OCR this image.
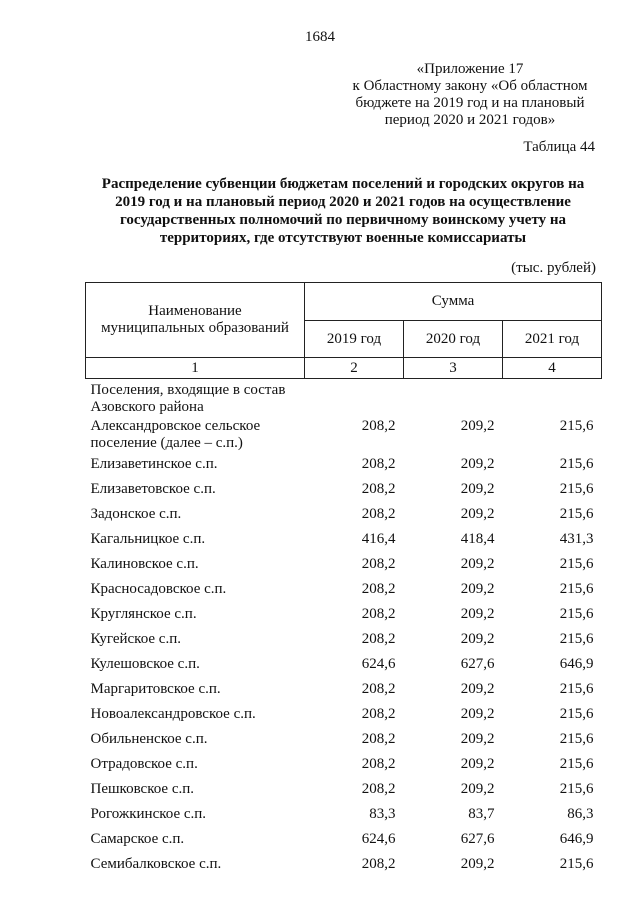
1684
«Приложение 17
к Областному закону «Об областном
бюджете на 2019 год и на плановый
период 2020 и 2021 годов»
Таблица 44
Распределение субвенции бюджетам поселений и городских округов на
2019 год и на плановый период 2020 и 2021 годов на осуществление
государственных полномочий по первичному воинскому учету на
территориях, где отсутствуют военные комиссариаты
(тыс. рублей)
Наименование
муниципальных образований	Сумма		
	2019 год	2020 год	2021 год
1	2	3	4

Поселения, входящие в состав
Азовского района			

Александровское сельское
поселение (далее – с.п.)	208,2	209,2	215,6

Елизаветинское с.п.	208,2	209,2	215,6

Елизаветовское с.п.	208,2	209,2	215,6

Задонское с.п.	208,2	209,2	215,6

Кагальницкое с.п.	416,4	418,4	431,3

Калиновское с.п.	208,2	209,2	215,6

Красносадовское с.п.	208,2	209,2	215,6

Круглянское с.п.	208,2	209,2	215,6

Кугейское с.п.	208,2	209,2	215,6

Кулешовское с.п.	624,6	627,6	646,9

Маргаритовское с.п.	208,2	209,2	215,6

Новоалександровское с.п.	208,2	209,2	215,6

Обильненское с.п.	208,2	209,2	215,6

Отрадовское с.п.	208,2	209,2	215,6

Пешковское с.п.	208,2	209,2	215,6

Рогожкинское с.п.	83,3	83,7	86,3

Самарское с.п.	624,6	627,6	646,9

Семибалковское с.п.	208,2	209,2	215,6
